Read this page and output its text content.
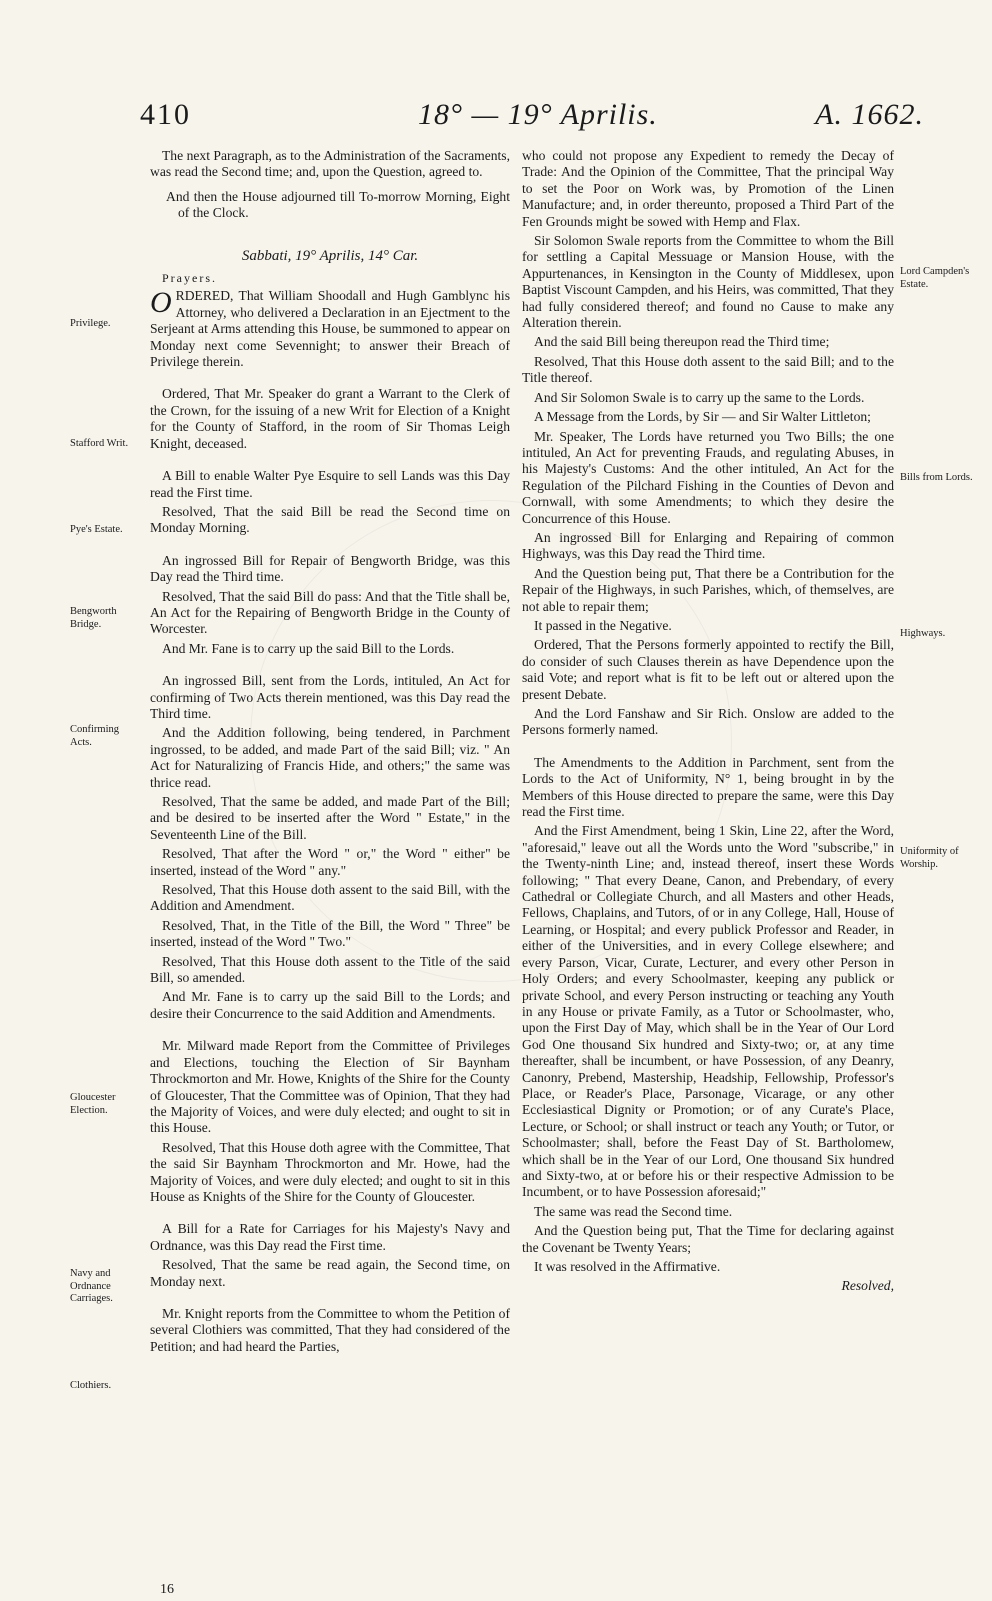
410	18° — 19° Aprilis.	A. 1662.

The next Paragraph, as to the Administration of the Sacraments, was read the Second time; and, upon the Question, agreed to.

And then the House adjourned till To-morrow Morning, Eight of the Clock.

Sabbati, 19° Aprilis, 14° Car.
Prayers.

ORDERED, That William Shoodall and Hugh Gamblync his Attorney, who delivered a Declaration in an Ejectment to the Serjeant at Arms attending this House, be summoned to appear on Monday next come Sevennight; to answer their Breach of Privilege therein.

Ordered, That Mr. Speaker do grant a Warrant to the Clerk of the Crown, for the issuing of a new Writ for Election of a Knight for the County of Stafford, in the room of Sir Thomas Leigh Knight, deceased.

A Bill to enable Walter Pye Esquire to sell Lands was this Day read the First time.

Resolved, That the said Bill be read the Second time on Monday Morning.

An ingrossed Bill for Repair of Bengworth Bridge, was this Day read the Third time.

Resolved, That the said Bill do pass: And that the Title shall be, An Act for the Repairing of Bengworth Bridge in the County of Worcester.

And Mr. Fane is to carry up the said Bill to the Lords.

An ingrossed Bill, sent from the Lords, intituled, An Act for confirming of Two Acts therein mentioned, was this Day read the Third time.

And the Addition following, being tendered, in Parchment ingrossed, to be added, and made Part of the said Bill; viz. " An Act for Naturalizing of Francis Hide, and others;" the same was thrice read.

Resolved, That the same be added, and made Part of the Bill; and be desired to be inserted after the Word " Estate," in the Seventeenth Line of the Bill.

Resolved, That after the Word " or," the Word " either" be inserted, instead of the Word " any."

Resolved, That this House doth assent to the said Bill, with the Addition and Amendment.

Resolved, That, in the Title of the Bill, the Word " Three" be inserted, instead of the Word " Two."

Resolved, That this House doth assent to the Title of the said Bill, so amended.

And Mr. Fane is to carry up the said Bill to the Lords; and desire their Concurrence to the said Addition and Amendments.

Mr. Milward made Report from the Committee of Privileges and Elections, touching the Election of Sir Baynham Throckmorton and Mr. Howe, Knights of the Shire for the County of Gloucester, That the Committee was of Opinion, That they had the Majority of Voices, and were duly elected; and ought to sit in this House.

Resolved, That this House doth agree with the Committee, That the said Sir Baynham Throckmorton and Mr. Howe, had the Majority of Voices, and were duly elected; and ought to sit in this House as Knights of the Shire for the County of Gloucester.

A Bill for a Rate for Carriages for his Majesty's Navy and Ordnance, was this Day read the First time.

Resolved, That the same be read again, the Second time, on Monday next.

Mr. Knight reports from the Committee to whom the Petition of several Clothiers was committed, That they had considered of the Petition; and had heard the Parties,

who could not propose any Expedient to remedy the Decay of Trade: And the Opinion of the Committee, That the principal Way to set the Poor on Work was, by Promotion of the Linen Manufacture; and, in order thereunto, proposed a Third Part of the Fen Grounds might be sowed with Hemp and Flax.

Sir Solomon Swale reports from the Committee to whom the Bill for settling a Capital Messuage or Mansion House, with the Appurtenances, in Kensington in the County of Middlesex, upon Baptist Viscount Campden, and his Heirs, was committed, That they had fully considered thereof; and found no Cause to make any Alteration therein.

And the said Bill being thereupon read the Third time;

Resolved, That this House doth assent to the said Bill; and to the Title thereof.

And Sir Solomon Swale is to carry up the same to the Lords.

A Message from the Lords, by Sir — and Sir Walter Littleton;

Mr. Speaker, The Lords have returned you Two Bills; the one intituled, An Act for preventing Frauds, and regulating Abuses, in his Majesty's Customs: And the other intituled, An Act for the Regulation of the Pilchard Fishing in the Counties of Devon and Cornwall, with some Amendments; to which they desire the Concurrence of this House.

An ingrossed Bill for Enlarging and Repairing of common Highways, was this Day read the Third time.

And the Question being put, That there be a Contribution for the Repair of the Highways, in such Parishes, which, of themselves, are not able to repair them;

It passed in the Negative.

Ordered, That the Persons formerly appointed to rectify the Bill, do consider of such Clauses therein as have Dependence upon the said Vote; and report what is fit to be left out or altered upon the present Debate.

And the Lord Fanshaw and Sir Rich. Onslow are added to the Persons formerly named.

The Amendments to the Addition in Parchment, sent from the Lords to the Act of Uniformity, N° 1, being brought in by the Members of this House directed to prepare the same, were this Day read the First time.

And the First Amendment, being 1 Skin, Line 22, after the Word, "aforesaid," leave out all the Words unto the Word "subscribe," in the Twenty-ninth Line; and, instead thereof, insert these Words following; " That every Deane, Canon, and Prebendary, of every Cathedral or Collegiate Church, and all Masters and other Heads, Fellows, Chaplains, and Tutors, of or in any College, Hall, House of Learning, or Hospital; and every publick Professor and Reader, in either of the Universities, and in every College elsewhere; and every Parson, Vicar, Curate, Lecturer, and every other Person in Holy Orders; and every Schoolmaster, keeping any publick or private School, and every Person instructing or teaching any Youth in any House or private Family, as a Tutor or Schoolmaster, who, upon the First Day of May, which shall be in the Year of Our Lord God One thousand Six hundred and Sixty-two; or, at any time thereafter, shall be incumbent, or have Possession, of any Deanry, Canonry, Prebend, Mastership, Headship, Fellowship, Professor's Place, or Reader's Place, Parsonage, Vicarage, or any other Ecclesiastical Dignity or Promotion; or of any Curate's Place, Lecture, or School; or shall instruct or teach any Youth; or Tutor, or Schoolmaster; shall, before the Feast Day of St. Bartholomew, which shall be in the Year of our Lord, One thousand Six hundred and Sixty-two, at or before his or their respective Admission to be Incumbent, or to have Possession aforesaid;"

The same was read the Second time.

And the Question being put, That the Time for declaring against the Covenant be Twenty Years;

It was resolved in the Affirmative.

Resolved,

Privilege.
Stafford Writ.
Pye's Estate.
Bengworth Bridge.
Confirming Acts.
Gloucester Election.
Navy and Ordnance Carriages.
Clothiers.
Lord Campden's Estate.
Bills from Lords.
Highways.
Uniformity of Worship.
16
